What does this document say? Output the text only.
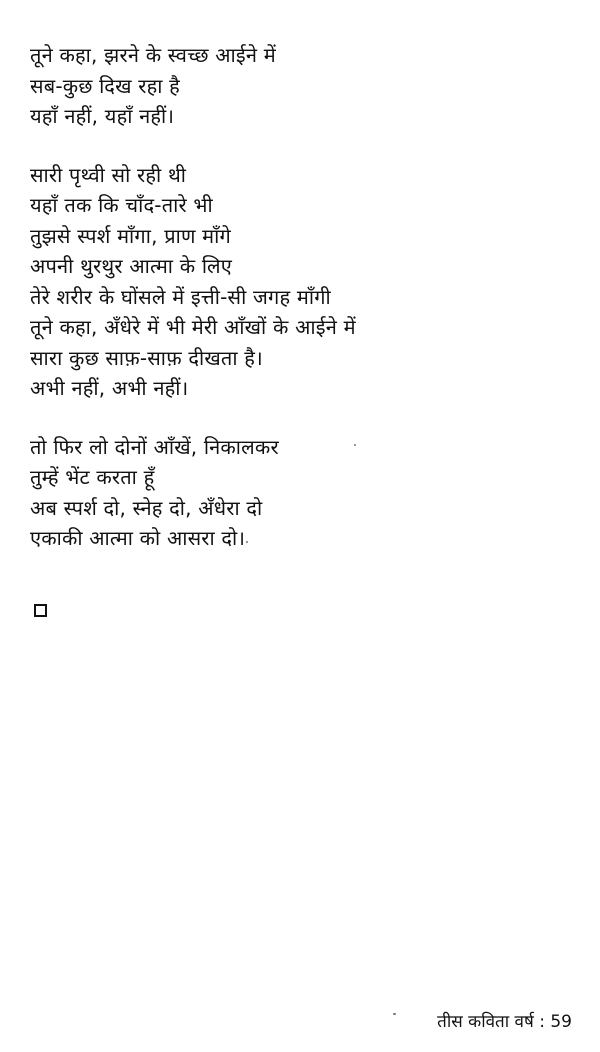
तूने कहा, झरने के स्वच्छ आईने में
सब-कुछ दिख रहा है
यहाँ नहीं, यहाँ नहीं।
सारी पृथ्वी सो रही थी
यहाँ तक कि चाँद-तारे भी
तुझसे स्पर्श माँगा, प्राण माँगे
अपनी थुरथुर आत्मा के लिए
तेरे शरीर के घोंसले में इत्ती-सी जगह माँगी
तूने कहा, अँधेरे में भी मेरी आँखों के आईने में
सारा कुछ साफ़-साफ़ दीखता है।
अभी नहीं, अभी नहीं।
तो फिर लो दोनों आँखें, निकालकर
तुम्हें भेंट करता हूँ
अब स्पर्श दो, स्नेह दो, अँधेरा दो
एकाकी आत्मा को आसरा दो।
तीस कविता वर्ष : 59
